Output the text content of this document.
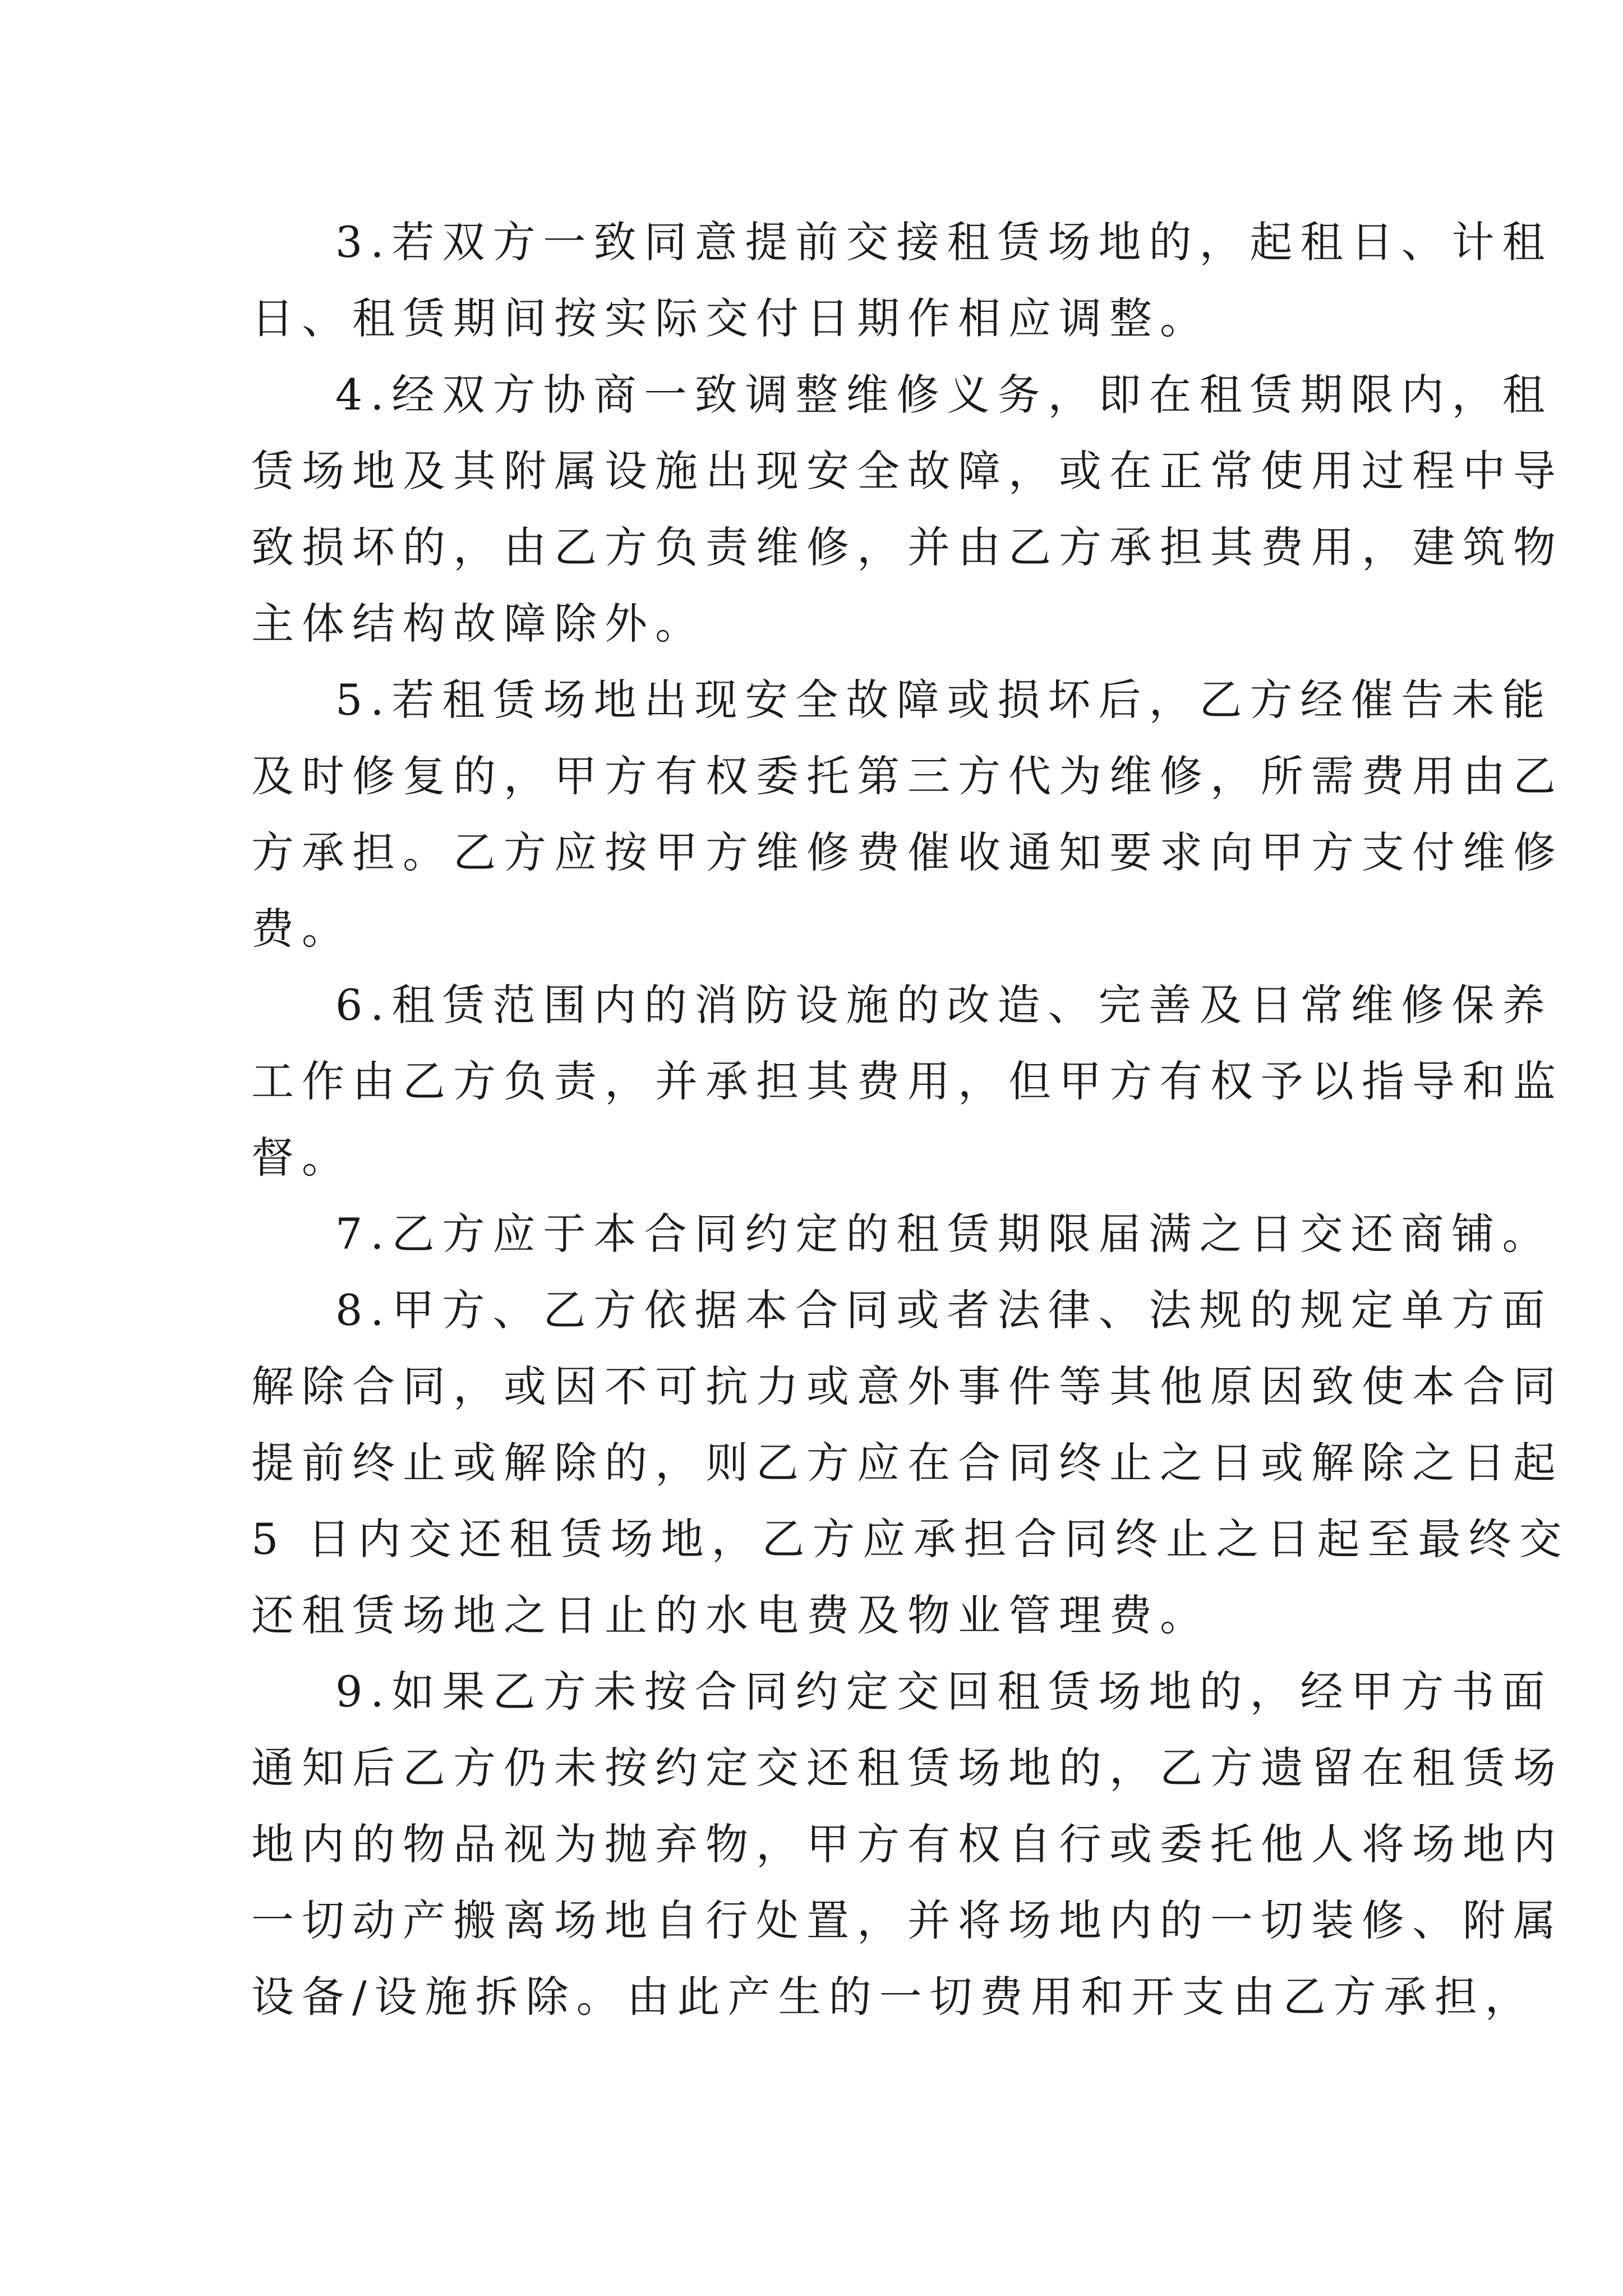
3.若双方一致同意提前交接租赁场地的，起租日、计租
日、租赁期间按实际交付日期作相应调整。
4.经双方协商一致调整维修义务，即在租赁期限内，租
赁场地及其附属设施出现安全故障，或在正常使用过程中导
致损坏的，由乙方负责维修，并由乙方承担其费用，建筑物
主体结构故障除外。
5.若租赁场地出现安全故障或损坏后，乙方经催告未能
及时修复的，甲方有权委托第三方代为维修，所需费用由乙
方承担。乙方应按甲方维修费催收通知要求向甲方支付维修
费。
6.租赁范围内的消防设施的改造、完善及日常维修保养
工作由乙方负责，并承担其费用，但甲方有权予以指导和监
督。
7.乙方应于本合同约定的租赁期限届满之日交还商铺。
8.甲方、乙方依据本合同或者法律、法规的规定单方面
解除合同，或因不可抗力或意外事件等其他原因致使本合同
提前终止或解除的，则乙方应在合同终止之日或解除之日起
5 日内交还租赁场地，乙方应承担合同终止之日起至最终交
还租赁场地之日止的水电费及物业管理费。
9.如果乙方未按合同约定交回租赁场地的，经甲方书面
通知后乙方仍未按约定交还租赁场地的，乙方遗留在租赁场
地内的物品视为抛弃物，甲方有权自行或委托他人将场地内
一切动产搬离场地自行处置，并将场地内的一切装修、附属
设备/设施拆除。由此产生的一切费用和开支由乙方承担，
